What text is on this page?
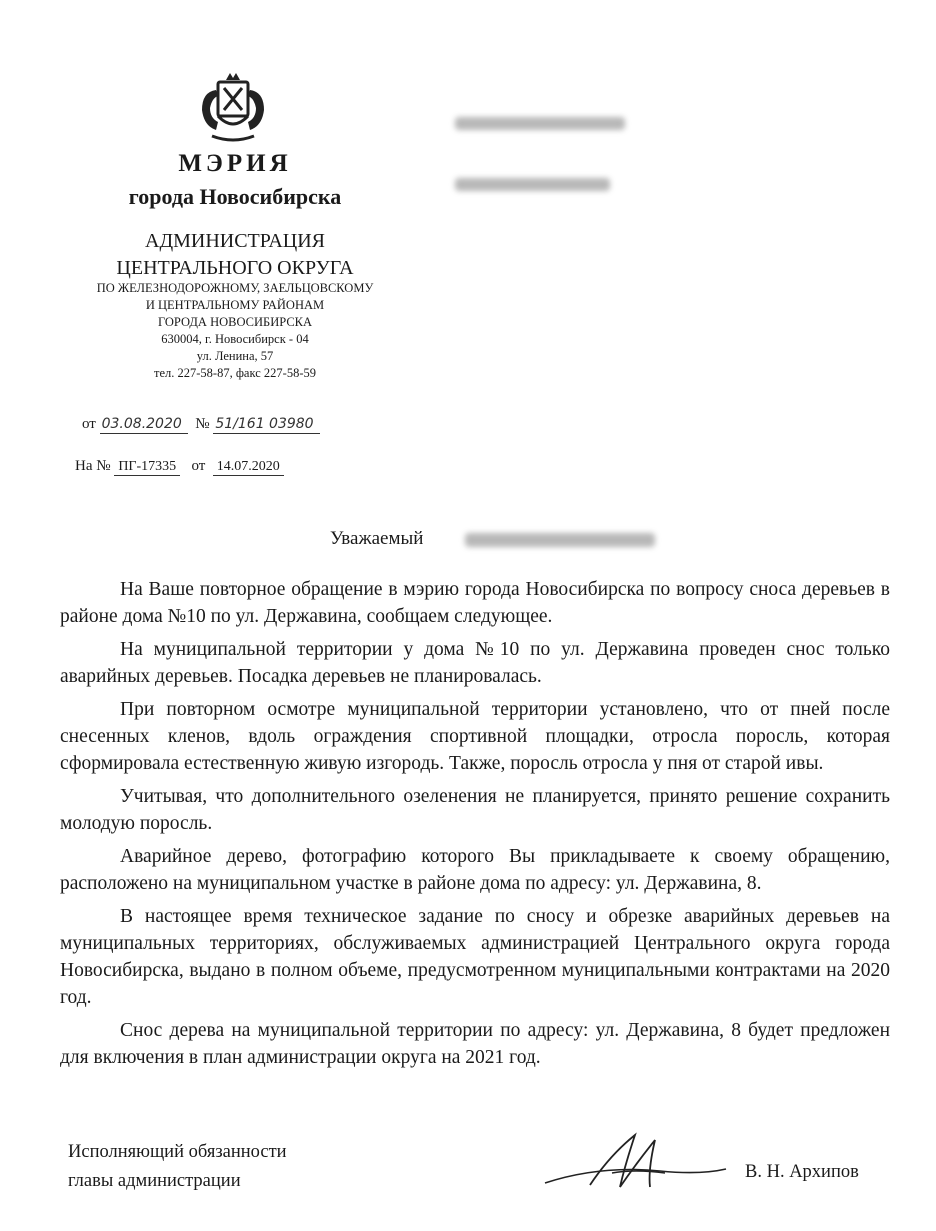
МЭРИЯ
города Новосибирска
АДМИНИСТРАЦИЯ
ЦЕНТРАЛЬНОГО ОКРУГА
ПО ЖЕЛЕЗНОДОРОЖНОМУ, ЗАЕЛЬЦОВСКОМУ
И ЦЕНТРАЛЬНОМУ РАЙОНАМ
ГОРОДА НОВОСИБИРСКА
630004, г. Новосибирск - 04
ул. Ленина, 57
тел. 227-58-87, факс 227-58-59
от 03.08.2020 № 51/161 03980
На № ПГ-17335 от 14.07.2020
Уважаемый

На Ваше повторное обращение в мэрию города Новосибирска по вопросу сноса деревьев в районе дома №10 по ул. Державина, сообщаем следующее.

На муниципальной территории у дома №10 по ул. Державина проведен снос только аварийных деревьев. Посадка деревьев не планировалась.

При повторном осмотре муниципальной территории установлено, что от пней после снесенных кленов, вдоль ограждения спортивной площадки, отросла поросль, которая сформировала естественную живую изгородь. Также, поросль отросла у пня от старой ивы.

Учитывая, что дополнительного озеленения не планируется, принято решение сохранить молодую поросль.

Аварийное дерево, фотографию которого Вы прикладываете к своему обращению, расположено на муниципальном участке в районе дома по адресу: ул. Державина, 8.

В настоящее время техническое задание по сносу и обрезке аварийных деревьев на муниципальных территориях, обслуживаемых администрацией Центрального округа города Новосибирска, выдано в полном объеме, предусмотренном муниципальными контрактами на 2020 год.

Снос дерева на муниципальной территории по адресу: ул. Державина, 8 будет предложен для включения в план администрации округа на 2021 год.

Исполняющий обязанности
главы администрации	В. Н. Архипов
